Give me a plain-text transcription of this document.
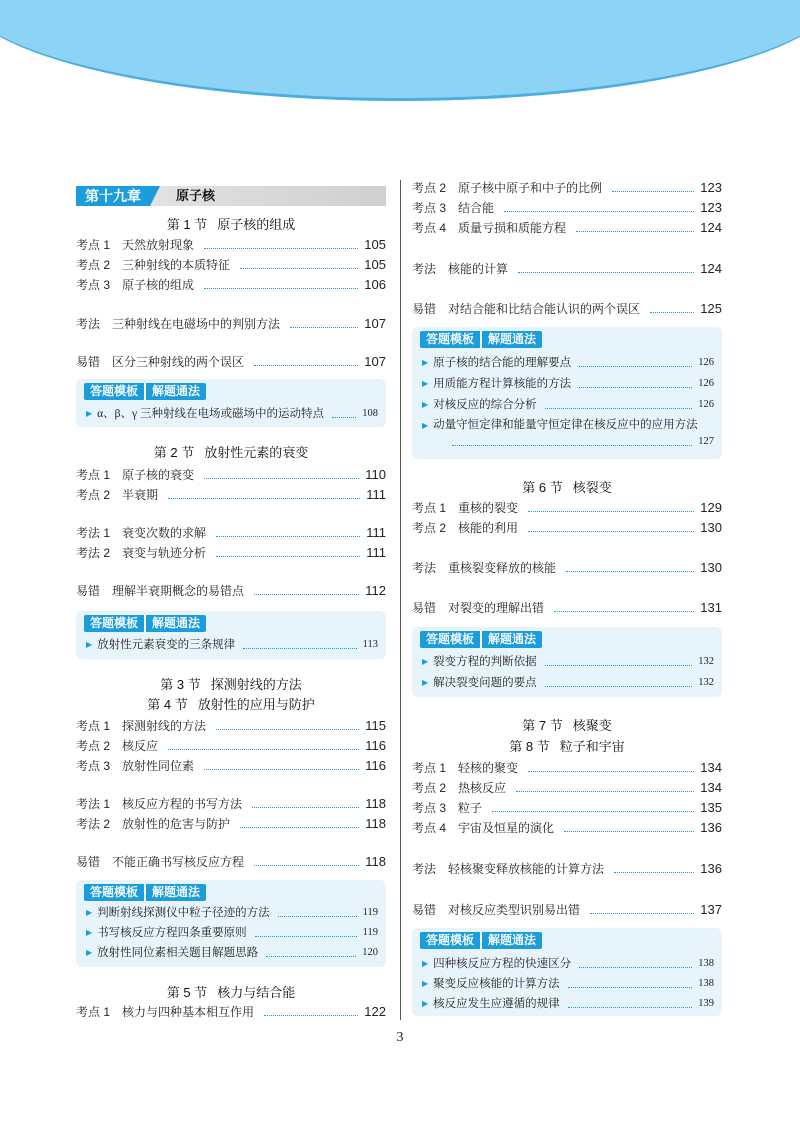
第十九章	原子核
第 1 节 原子核的组成
考点 1 天然放射现象	105
考点 2 三种射线的本质特征	105
考点 3 原子核的组成	106
考法 三种射线在电磁场中的判别方法	107
易错 区分三种射线的两个误区	107
答题模板	解题通法
▶ α、β、γ 三种射线在电场或磁场中的运动特点	108
第 2 节 放射性元素的衰变
考点 1 原子核的衰变	110
考点 2 半衰期	111
考法 1 衰变次数的求解	111
考法 2 衰变与轨迹分析	111
易错 理解半衰期概念的易错点	112
答题模板	解题通法
▶ 放射性元素衰变的三条规律	113
第 3 节 探测射线的方法
第 4 节 放射性的应用与防护
考点 1 探测射线的方法	115
考点 2 核反应	116
考点 3 放射性同位素	116
考法 1 核反应方程的书写方法	118
考法 2 放射性的危害与防护	118
易错 不能正确书写核反应方程	118
答题模板	解题通法
▶ 判断射线探测仪中粒子径迹的方法	119
▶ 书写核反应方程四条重要原则	119
▶ 放射性同位素相关题目解题思路	120
第 5 节 核力与结合能
考点 1 核力与四种基本相互作用	122
考点 2 原子核中原子和中子的比例	123
考点 3 结合能	123
考点 4 质量亏损和质能方程	124
考法 核能的计算	124
易错 对结合能和比结合能认识的两个误区	125
答题模板	解题通法
▶ 原子核的结合能的理解要点	126
▶ 用质能方程计算核能的方法	126
▶ 对核反应的综合分析	126
▶ 动量守恒定律和能量守恒定律在核反应中的应用方法
127
第 6 节 核裂变
考点 1 重核的裂变	129
考点 2 核能的利用	130
考法 重核裂变释放的核能	130
易错 对裂变的理解出错	131
答题模板	解题通法
▶ 裂变方程的判断依据	132
▶ 解决裂变问题的要点	132
第 7 节 核聚变
第 8 节 粒子和宇宙
考点 1 轻核的聚变	134
考点 2 热核反应	134
考点 3 粒子	135
考点 4 宇宙及恒星的演化	136
考法 轻核聚变释放核能的计算方法	136
易错 对核反应类型识别易出错	137
答题模板	解题通法
▶ 四种核反应方程的快速区分	138
▶ 聚变反应核能的计算方法	138
▶ 核反应发生应遵循的规律	139
3
